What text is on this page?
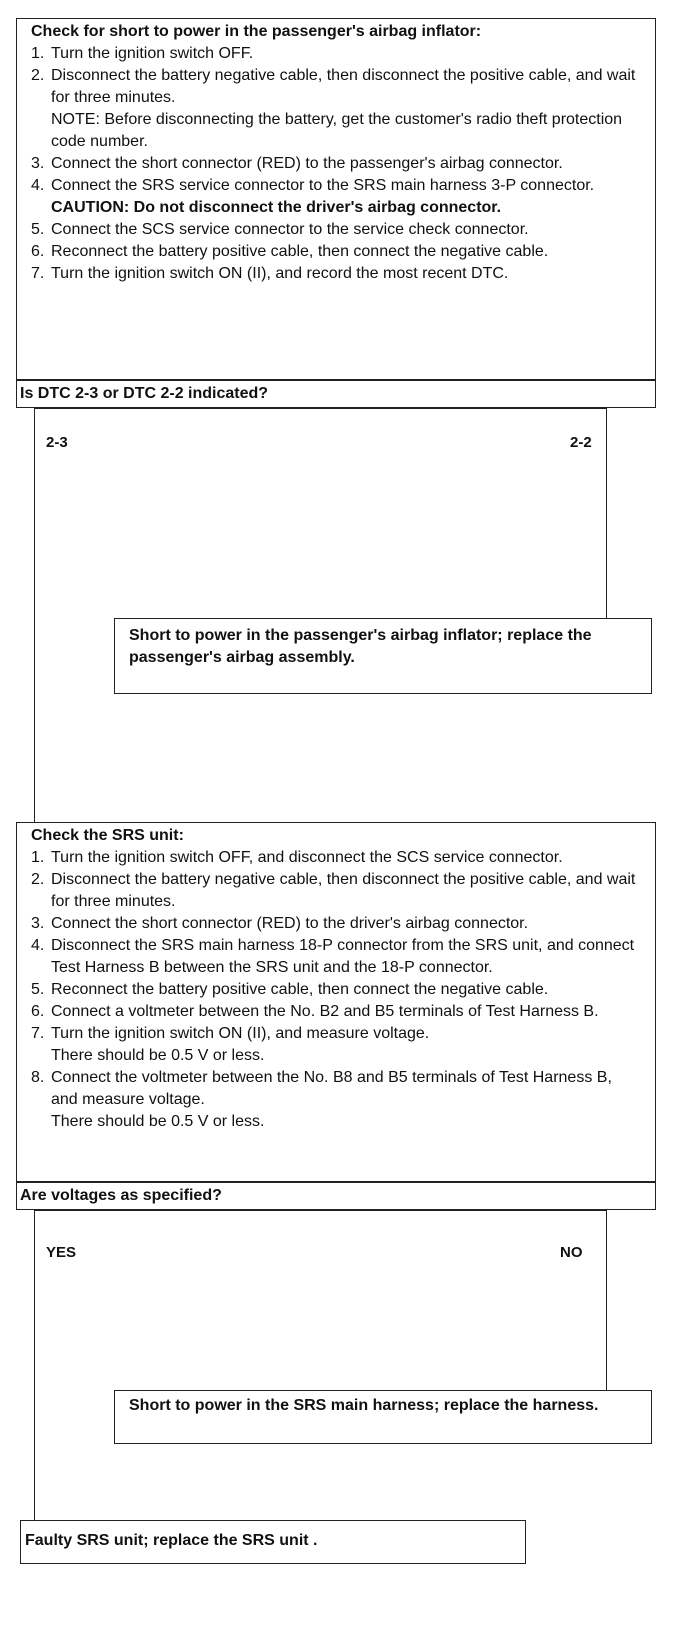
Check for short to power in the passenger's airbag inflator:
1. Turn the ignition switch OFF.
2. Disconnect the battery negative cable, then disconnect the positive cable, and wait for three minutes.
NOTE: Before disconnecting the battery, get the customer's radio theft protection code number.
3. Connect the short connector (RED) to the passenger's airbag connector.
4. Connect the SRS service connector to the SRS main harness 3-P connector.
CAUTION: Do not disconnect the driver's airbag connector.
5. Connect the SCS service connector to the service check connector.
6. Reconnect the battery positive cable, then connect the negative cable.
7. Turn the ignition switch ON (II), and record the most recent DTC.
Is DTC 2-3 or DTC 2-2 indicated?
2-3	2-2
Short to power in the passenger's airbag inflator; replace the passenger's airbag assembly.
Check the SRS unit:
1. Turn the ignition switch OFF, and disconnect the SCS service connector.
2. Disconnect the battery negative cable, then disconnect the positive cable, and wait for three minutes.
3. Connect the short connector (RED) to the driver's airbag connector.
4. Disconnect the SRS main harness 18-P connector from the SRS unit, and connect Test Harness B between the SRS unit and the 18-P connector.
5. Reconnect the battery positive cable, then connect the negative cable.
6. Connect a voltmeter between the No. B2 and B5 terminals of Test Harness B.
7. Turn the ignition switch ON (II), and measure voltage.
There should be 0.5 V or less.
8. Connect the voltmeter between the No. B8 and B5 terminals of Test Harness B, and measure voltage.
There should be 0.5 V or less.
Are voltages as specified?
YES	NO
Short to power in the SRS main harness; replace the harness.
Faulty SRS unit; replace the SRS unit .
